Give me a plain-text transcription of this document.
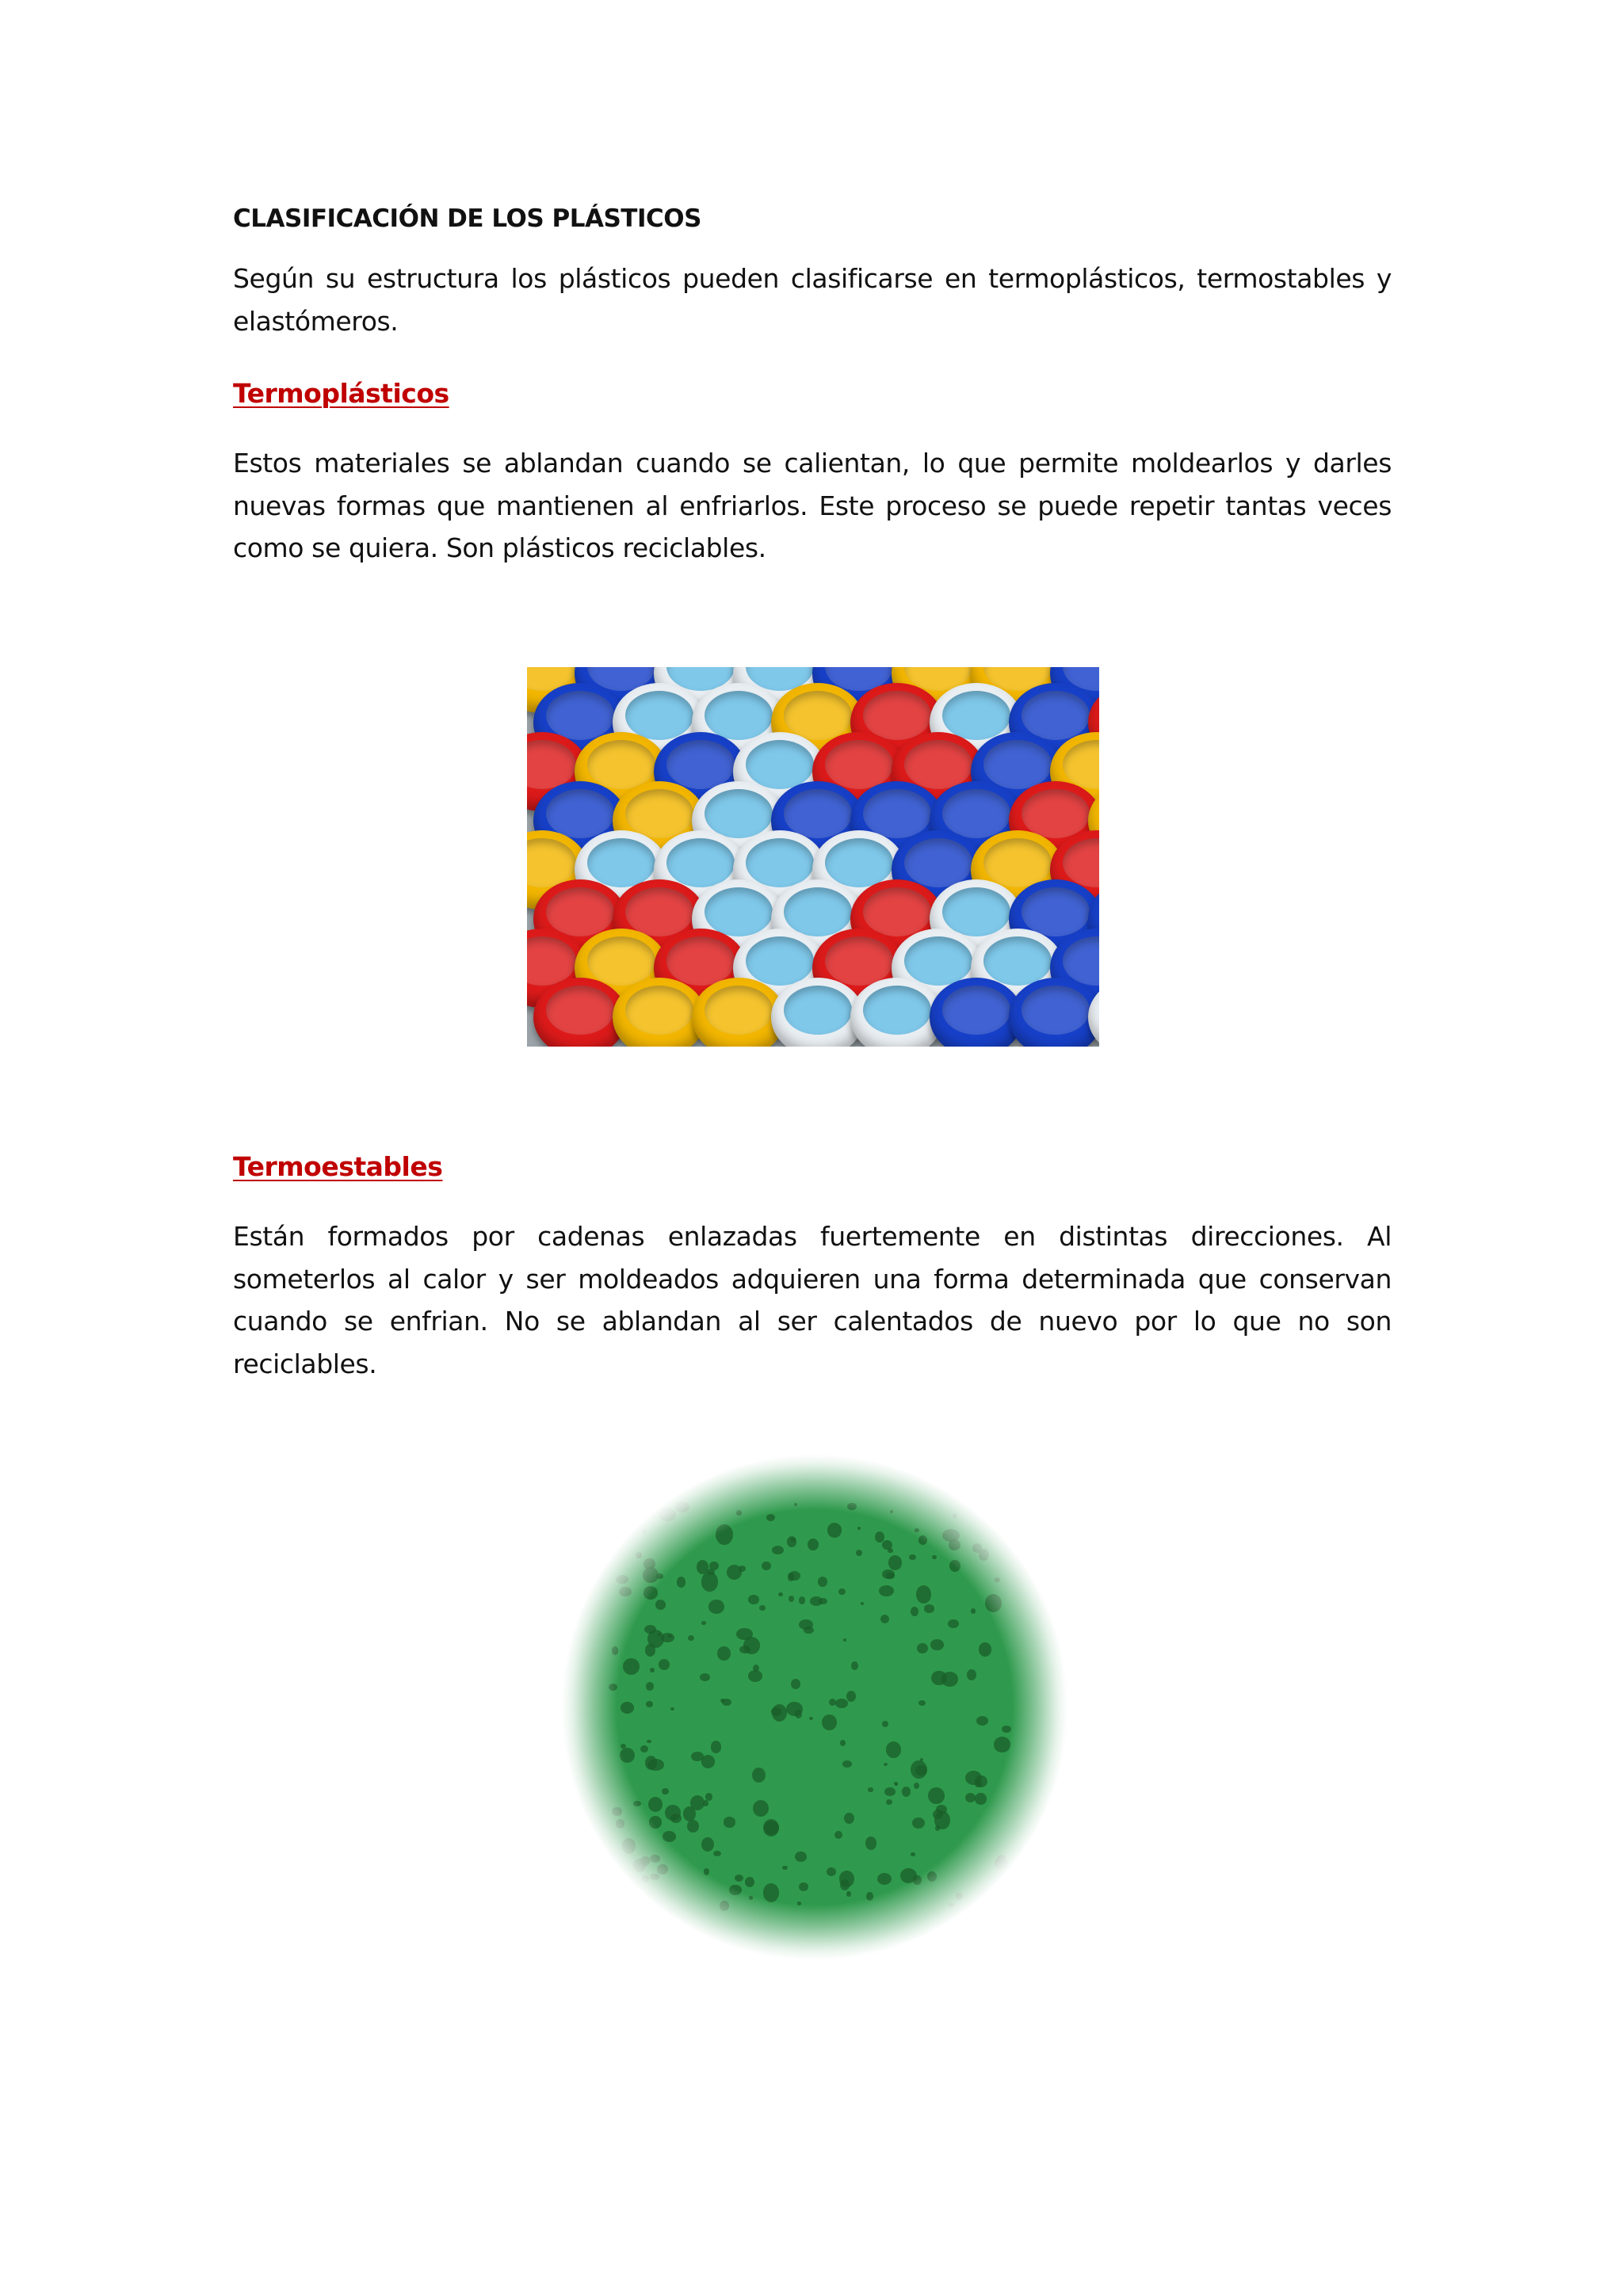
CLASIFICACIÓN DE LOS PLÁSTICOS

Según su estructura los plásticos pueden clasificarse en termoplásticos, termostables y elastómeros.

Termoplásticos

Estos materiales se ablandan cuando se calientan, lo que permite moldearlos y darles nuevas formas que mantienen al enfriarlos. Este proceso se puede repetir tantas veces como se quiera. Son plásticos reciclables.

Termoestables

Están formados por cadenas enlazadas fuertemente en distintas direcciones. Al someterlos al calor y ser moldeados adquieren una forma determinada que conservan cuando se enfrian. No se ablandan al ser calentados de nuevo por lo que no son reciclables.
